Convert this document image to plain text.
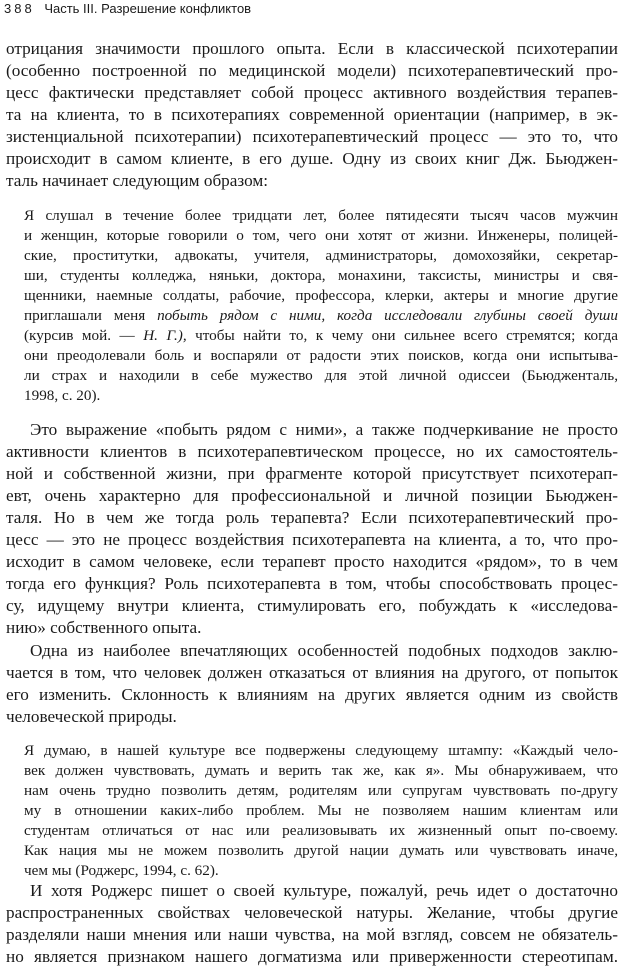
388 Часть III. Разрешение конфликтов
отрицания значимости прошлого опыта. Если в классической психотерапии
(особенно построенной по медицинской модели) психотерапевтический про-
цесс фактически представляет собой процесс активного воздействия терапев-
та на клиента, то в психотерапиях современной ориентации (например, в эк-
зистенциальной психотерапии) психотерапевтический процесс — это то, что
происходит в самом клиенте, в его душе. Одну из своих книг Дж. Бьюджен-
таль начинает следующим образом:
Я слушал в течение более тридцати лет, более пятидесяти тысяч часов мужчин
и женщин, которые говорили о том, чего они хотят от жизни. Инженеры, полицей-
ские, проститутки, адвокаты, учителя, администраторы, домохозяйки, секретар-
ши, студенты колледжа, няньки, доктора, монахини, таксисты, министры и свя-
щенники, наемные солдаты, рабочие, профессора, клерки, актеры и многие другие
приглашали меня побыть рядом с ними, когда исследовали глубины своей души
(курсив мой. — Н. Г.), чтобы найти то, к чему они сильнее всего стремятся; когда
они преодолевали боль и воспаряли от радости этих поисков, когда они испытыва-
ли страх и находили в себе мужество для этой личной одиссеи (Бьюдженталь,
1998, с. 20).
Это выражение «побыть рядом с ними», а также подчеркивание не просто
активности клиентов в психотерапевтическом процессе, но их самостоятель-
ной и собственной жизни, при фрагменте которой присутствует психотерап-
евт, очень характерно для профессиональной и личной позиции Бьюджен-
таля. Но в чем же тогда роль терапевта? Если психотерапевтический про-
цесс — это не процесс воздействия психотерапевта на клиента, а то, что про-
исходит в самом человеке, если терапевт просто находится «рядом», то в чем
тогда его функция? Роль психотерапевта в том, чтобы способствовать процес-
су, идущему внутри клиента, стимулировать его, побуждать к «исследова-
нию» собственного опыта.
Одна из наиболее впечатляющих особенностей подобных подходов заклю-
чается в том, что человек должен отказаться от влияния на другого, от попыток
его изменить. Склонность к влияниям на других является одним из свойств
человеческой природы.
Я думаю, в нашей культуре все подвержены следующему штампу: «Каждый чело-
век должен чувствовать, думать и верить так же, как я». Мы обнаруживаем, что
нам очень трудно позволить детям, родителям или супругам чувствовать по-другу
му в отношении каких-либо проблем. Мы не позволяем нашим клиентам или
студентам отличаться от нас или реализовывать их жизненный опыт по-своему.
Как нация мы не можем позволить другой нации думать или чувствовать иначе,
чем мы (Роджерс, 1994, с. 62).
И хотя Роджерс пишет о своей культуре, пожалуй, речь идет о достаточно
распространенных свойствах человеческой натуры. Желание, чтобы другие
разделяли наши мнения или наши чувства, на мой взгляд, совсем не обязатель-
но является признаком нашего догматизма или приверженности стереотипам.
